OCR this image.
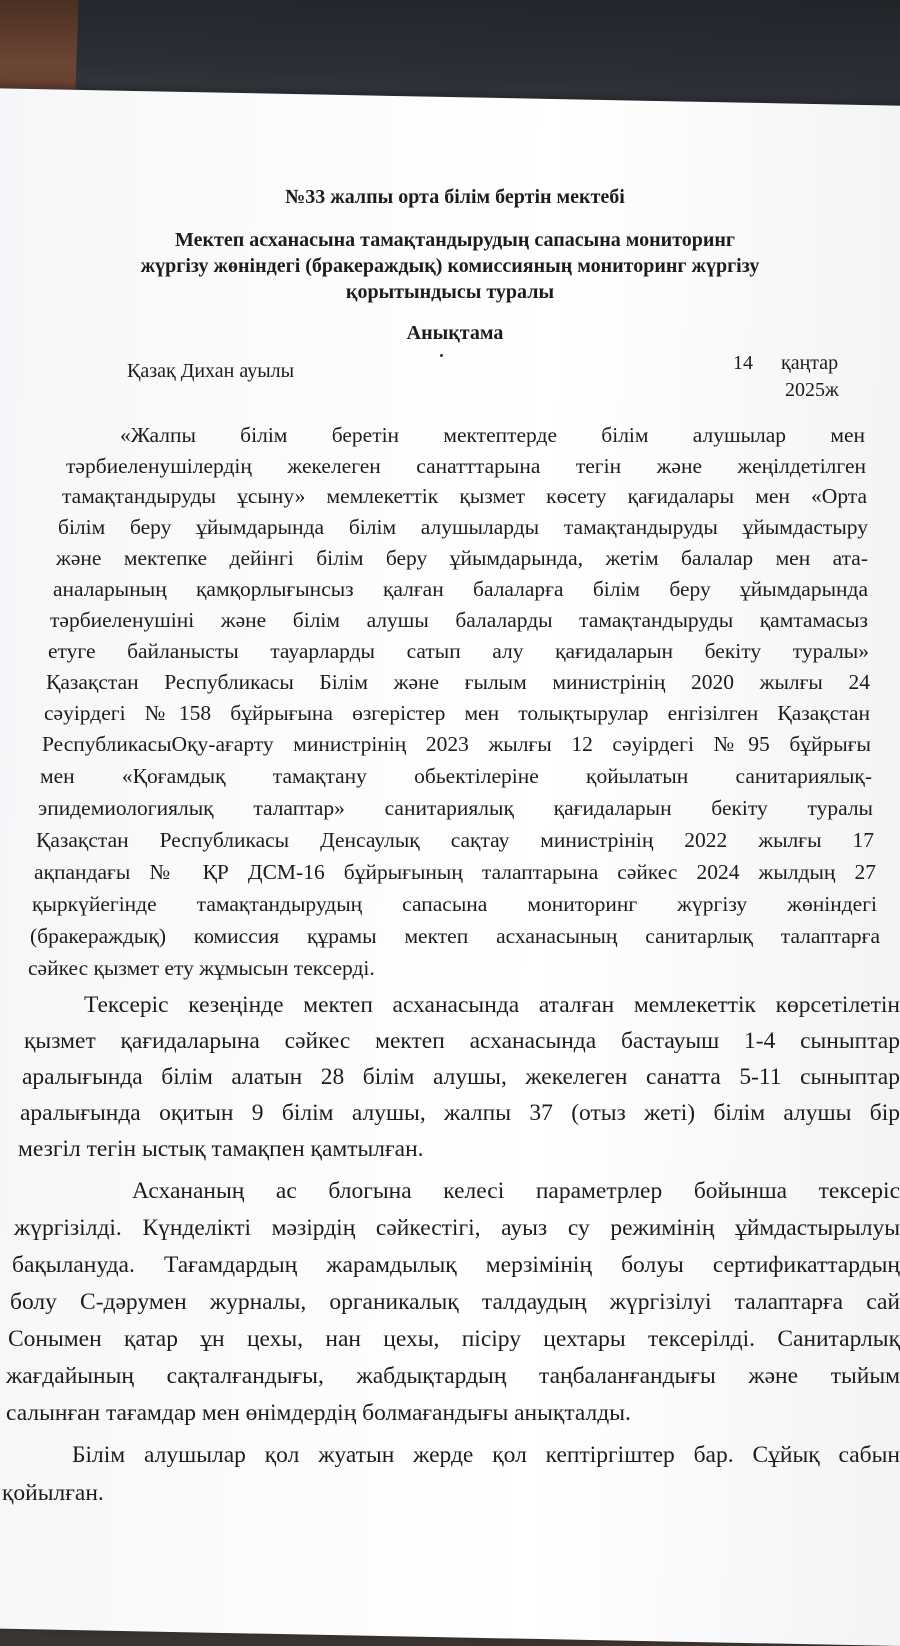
№33 жалпы орта білім бертін мектебі
Мектеп асханасына тамақтандырудың сапасына мониторинг
жүргізу жөніндегі (бракераждық) комиссияның мониторинг жүргізу
қорытындысы туралы
Анықтама
Қазақ Дихан ауылы	14 қаңтар
2025ж
«Жалпы білім беретін мектептерде білім алушылар мен
тәрбиеленушілердің жекелеген санатттарына тегін және жеңілдетілген
тамақтандыруды ұсыну» мемлекеттік қызмет көсету қағидалары мен «Орта
білім беру ұйымдарында білім алушыларды тамақтандыруды ұйымдастыру
және мектепке дейінгі білім беру ұйымдарында, жетім балалар мен ата-
аналарының қамқорлығынсыз қалған балаларға білім беру ұйымдарында
тәрбиеленушіні және білім алушы балаларды тамақтандыруды қамтамасыз
етуге байланысты тауарларды сатып алу қағидаларын бекіту туралы»
Қазақстан Республикасы Білім және ғылым министрінің 2020 жылғы 24
сәуірдегі №158 бұйрығына өзгерістер мен толықтырулар енгізілген Қазақстан
РеспубликасыОқу-ағарту министрінің 2023 жылғы 12 сәуірдегі №95 бұйрығы
мен «Қоғамдық тамақтану обьектілеріне қойылатын санитариялық-
эпидемиологиялық талаптар» санитариялық қағидаларын бекіту туралы
Қазақстан Республикасы Денсаулық сақтау министрінің 2022 жылғы 17
ақпандағы № ҚР ДСМ-16 бұйрығының талаптарына сәйкес 2024 жылдың 27
қыркүйегінде тамақтандырудың сапасына мониторинг жүргізу жөніндегі
(бракераждық) комиссия құрамы мектеп асханасының санитарлық талаптарға
сәйкес қызмет ету жұмысын тексерді.
Тексеріс кезеңінде мектеп асханасында аталған мемлекеттік көрсетілетін
қызмет қағидаларына сәйкес мектеп асханасында бастауыш 1-4 сыныптар
аралығында білім алатын 28 білім алушы, жекелеген санатта 5-11 сыныптар
аралығында оқитын 9 білім алушы, жалпы 37 (отыз жеті) білім алушы бір
мезгіл тегін ыстық тамақпен қамтылған.
Асхананың ас блогына келесі параметрлер бойынша тексеріс
жүргізілді. Күнделікті мәзірдің сәйкестігі, ауыз су режимінің ұймдастырылуы
бақылануда. Тағамдардың жарамдылық мерзімінің болуы сертификаттардың
болу С-дәрумен журналы, органикалық талдаудың жүргізілуі талаптарға сай
Сонымен қатар ұн цехы, нан цехы, пісіру цехтары тексерілді. Санитарлық
жағдайының сақталғандығы, жабдықтардың таңбаланғандығы және тыйым
салынған тағамдар мен өнімдердің болмағандығы анықталды.
Білім алушылар қол жуатын жерде қол кептіргіштер бар. Сұйық сабын
қойылған.
